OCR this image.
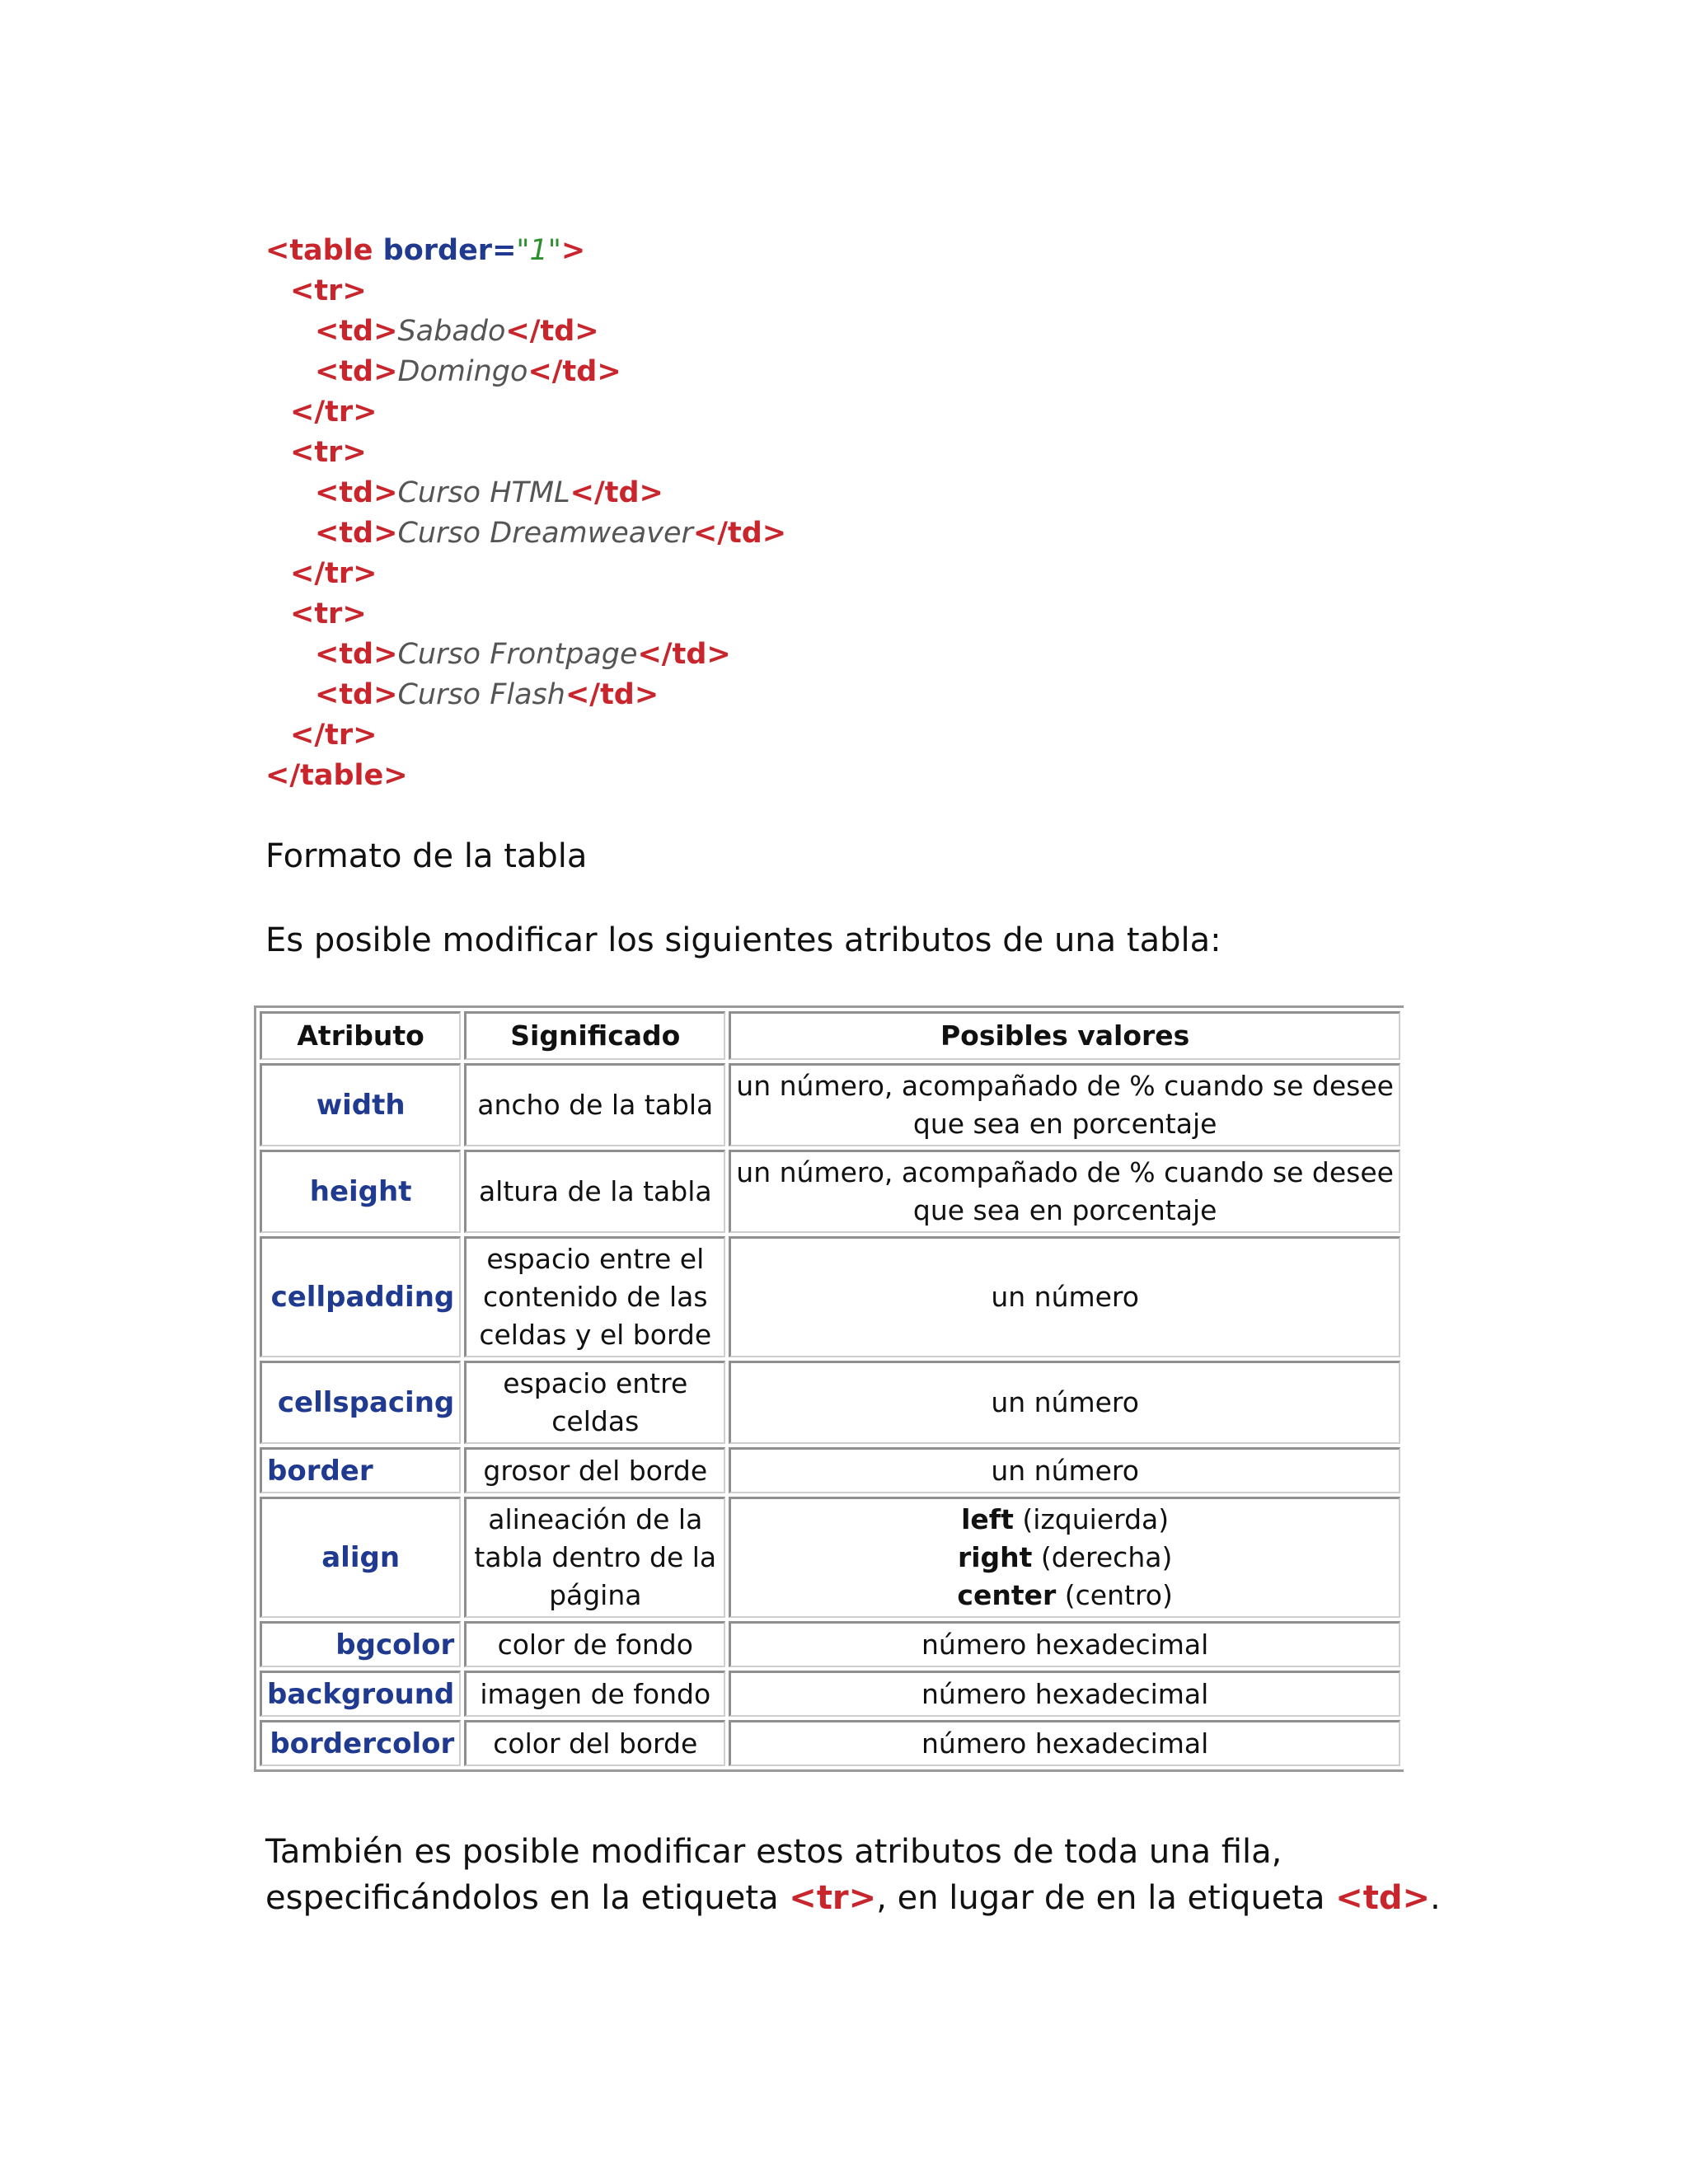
<table border="1">
<tr>
<td>Sabado</td>
<td>Domingo</td>
</tr>
<tr>
<td>Curso HTML</td>
<td>Curso Dreamweaver</td>
</tr>
<tr>
<td>Curso Frontpage</td>
<td>Curso Flash</td>
</tr>
</table>
Formato de la tabla
Es posible modificar los siguientes atributos de una tabla:
Atributo	Significado	Posibles valores
width	ancho de la tabla	un número, acompañado de % cuando se desee
que sea en porcentaje

height	altura de la tabla	un número, acompañado de % cuando se desee
que sea en porcentaje

cellpadding	espacio entre el contenido de las celdas y el borde	un número
cellspacing	espacio entre celdas	un número
border	grosor del borde	un número
align	alineación de la tabla dentro de la página	left (izquierda)
right (derecha)
center (centro)

bgcolor	color de fondo	número hexadecimal
background	imagen de fondo	número hexadecimal
bordercolor	color del borde	número hexadecimal
También es posible modificar estos atributos de toda una fila,
especificándolos en la etiqueta <tr>, en lugar de en la etiqueta <td>.
